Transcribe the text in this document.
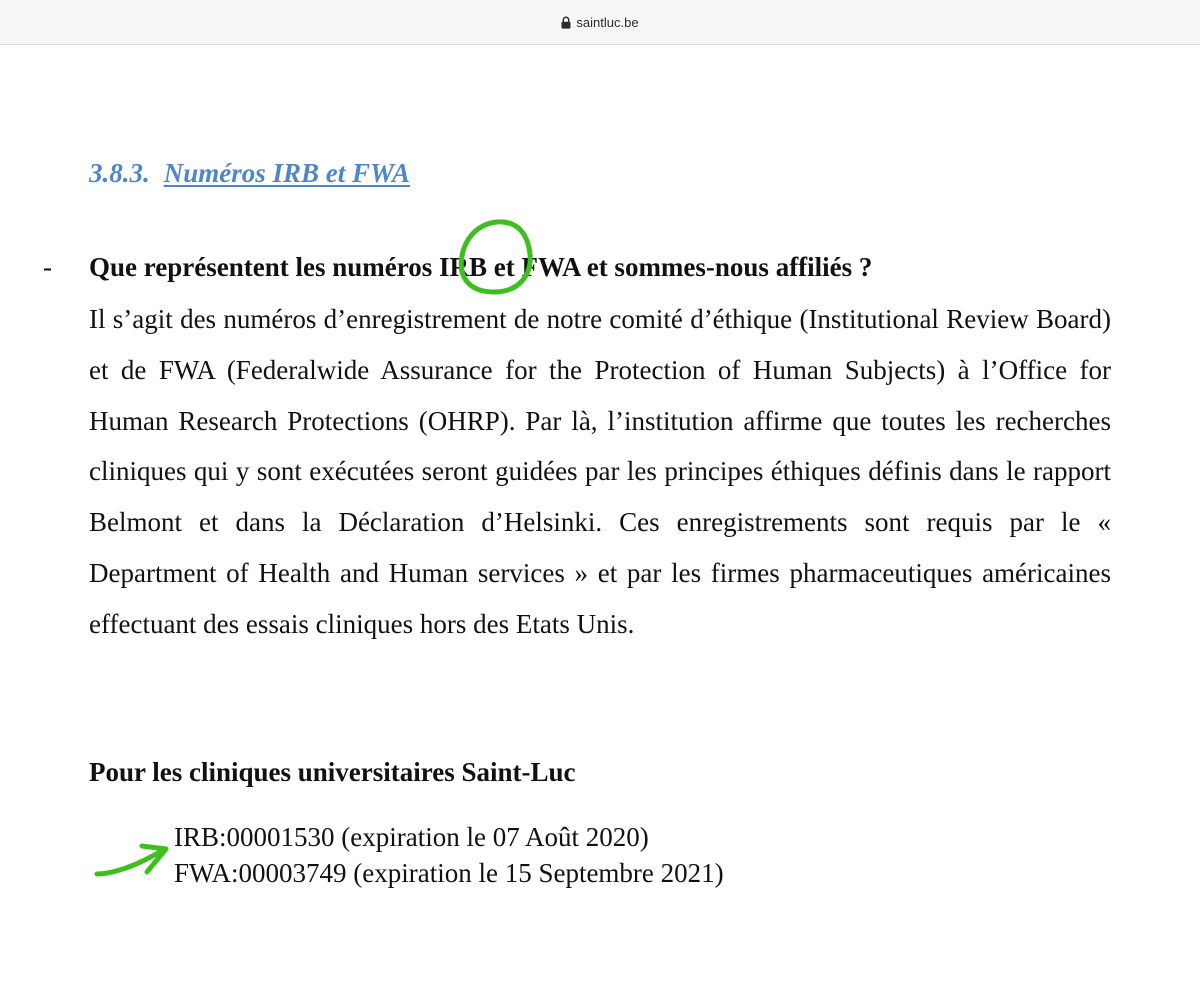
saintluc.be
3.8.3. Numéros IRB et FWA
- Que représentent les numéros IRB et FWA et sommes-nous affiliés ?

Il s’agit des numéros d’enregistrement de notre comité d’éthique (Institutional Review Board) et de FWA (Federalwide Assurance for the Protection of Human Subjects) à l’Office for Human Research Protections (OHRP). Par là, l’institution affirme que toutes les recherches cliniques qui y sont exécutées seront guidées par les principes éthiques définis dans le rapport Belmont et dans la Déclaration d’Helsinki. Ces enregistrements sont requis par le « Department of Health and Human services » et par les firmes pharmaceutiques américaines effectuant des essais cliniques hors des Etats Unis.

Pour les cliniques universitaires Saint-Luc
IRB:00001530 (expiration le 07 Août 2020)
FWA:00003749 (expiration le 15 Septembre 2021)
